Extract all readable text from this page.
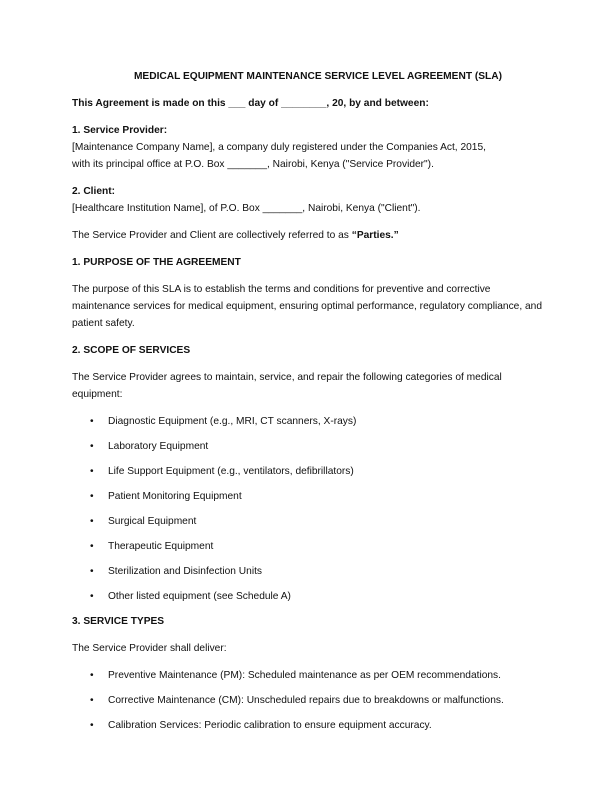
MEDICAL EQUIPMENT MAINTENANCE SERVICE LEVEL AGREEMENT (SLA)
This Agreement is made on this ___ day of ________, 20, by and between:
1. Service Provider:
[Maintenance Company Name], a company duly registered under the Companies Act, 2015,
with its principal office at P.O. Box _______, Nairobi, Kenya ("Service Provider").
2. Client:
[Healthcare Institution Name], of P.O. Box _______, Nairobi, Kenya ("Client").
The Service Provider and Client are collectively referred to as “Parties.”
1. PURPOSE OF THE AGREEMENT
The purpose of this SLA is to establish the terms and conditions for preventive and corrective maintenance services for medical equipment, ensuring optimal performance, regulatory compliance, and patient safety.
2. SCOPE OF SERVICES
The Service Provider agrees to maintain, service, and repair the following categories of medical equipment:
• Diagnostic Equipment (e.g., MRI, CT scanners, X-rays)
• Laboratory Equipment
• Life Support Equipment (e.g., ventilators, defibrillators)
• Patient Monitoring Equipment
• Surgical Equipment
• Therapeutic Equipment
• Sterilization and Disinfection Units
• Other listed equipment (see Schedule A)
3. SERVICE TYPES
The Service Provider shall deliver:
• Preventive Maintenance (PM): Scheduled maintenance as per OEM recommendations.
• Corrective Maintenance (CM): Unscheduled repairs due to breakdowns or malfunctions.
• Calibration Services: Periodic calibration to ensure equipment accuracy.
